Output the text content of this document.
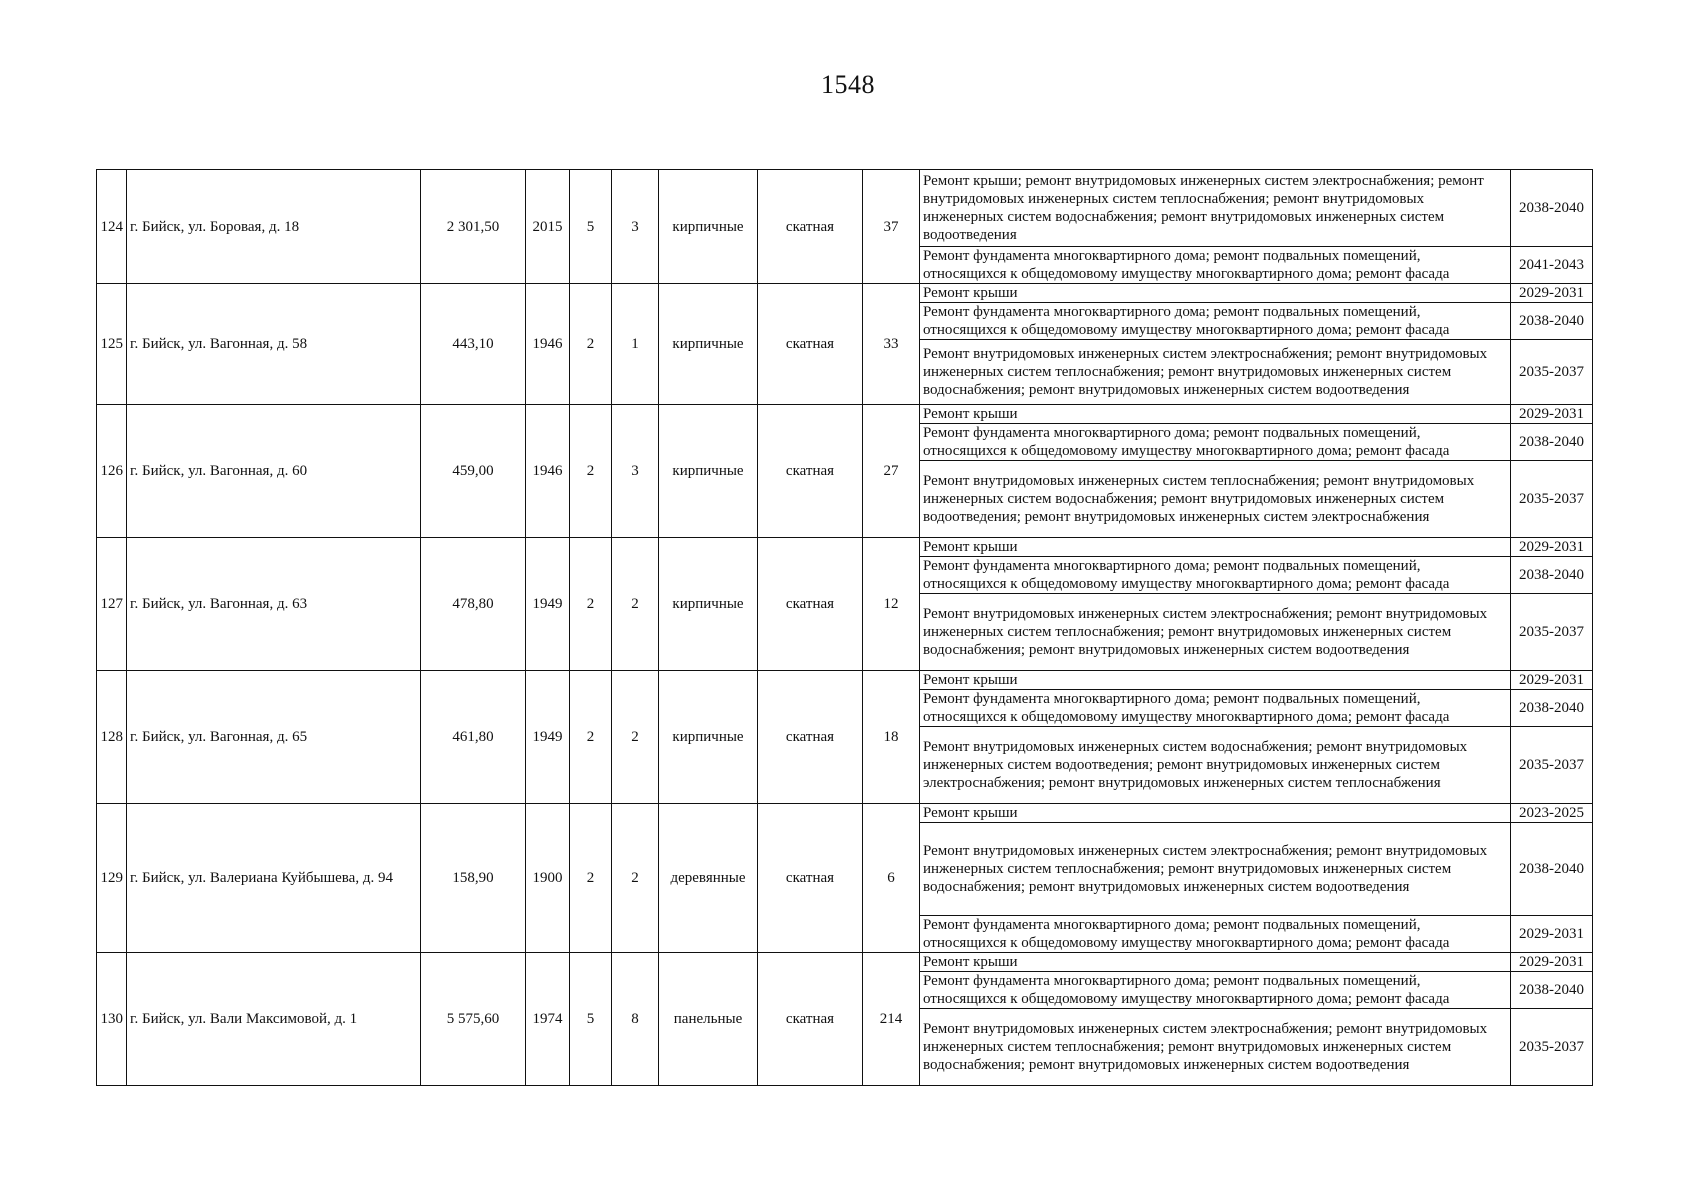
1548
124	г. Бийск, ул. Боровая, д. 18	2 301,50	2015	5	3	кирпичные	скатная	37	Ремонт крыши; ремонт внутридомовых инженерных систем электроснабжения; ремонт внутридомовых инженерных систем теплоснабжения; ремонт внутридомовых инженерных систем водоснабжения; ремонт внутридомовых инженерных систем водоотведения	2038-2040
									Ремонт фундамента многоквартирного дома; ремонт подвальных помещений, относящихся к общедомовому имуществу многоквартирного дома; ремонт фасада	2041-2043
125	г. Бийск, ул. Вагонная, д. 58	443,10	1946	2	1	кирпичные	скатная	33	Ремонт крыши	2029-2031
									Ремонт фундамента многоквартирного дома; ремонт подвальных помещений, относящихся к общедомовому имуществу многоквартирного дома; ремонт фасада	2038-2040
									Ремонт внутридомовых инженерных систем электроснабжения; ремонт внутридомовых инженерных систем теплоснабжения; ремонт внутридомовых инженерных систем водоснабжения; ремонт внутридомовых инженерных систем водоотведения	2035-2037
126	г. Бийск, ул. Вагонная, д. 60	459,00	1946	2	3	кирпичные	скатная	27	Ремонт крыши	2029-2031
									Ремонт фундамента многоквартирного дома; ремонт подвальных помещений, относящихся к общедомовому имуществу многоквартирного дома; ремонт фасада	2038-2040
									Ремонт внутридомовых инженерных систем теплоснабжения; ремонт внутридомовых инженерных систем водоснабжения; ремонт внутридомовых инженерных систем водоотведения; ремонт внутридомовых инженерных систем электроснабжения	2035-2037
127	г. Бийск, ул. Вагонная, д. 63	478,80	1949	2	2	кирпичные	скатная	12	Ремонт крыши	2029-2031
									Ремонт фундамента многоквартирного дома; ремонт подвальных помещений, относящихся к общедомовому имуществу многоквартирного дома; ремонт фасада	2038-2040
									Ремонт внутридомовых инженерных систем электроснабжения; ремонт внутридомовых инженерных систем теплоснабжения; ремонт внутридомовых инженерных систем водоснабжения; ремонт внутридомовых инженерных систем водоотведения	2035-2037
128	г. Бийск, ул. Вагонная, д. 65	461,80	1949	2	2	кирпичные	скатная	18	Ремонт крыши	2029-2031
									Ремонт фундамента многоквартирного дома; ремонт подвальных помещений, относящихся к общедомовому имуществу многоквартирного дома; ремонт фасада	2038-2040
									Ремонт внутридомовых инженерных систем водоснабжения; ремонт внутридомовых инженерных систем водоотведения; ремонт внутридомовых инженерных систем электроснабжения; ремонт внутридомовых инженерных систем теплоснабжения	2035-2037
129	г. Бийск, ул. Валериана Куйбышева, д. 94	158,90	1900	2	2	деревянные	скатная	6	Ремонт крыши	2023-2025
									Ремонт внутридомовых инженерных систем электроснабжения; ремонт внутридомовых инженерных систем теплоснабжения; ремонт внутридомовых инженерных систем водоснабжения; ремонт внутридомовых инженерных систем водоотведения	2038-2040
									Ремонт фундамента многоквартирного дома; ремонт подвальных помещений, относящихся к общедомовому имуществу многоквартирного дома; ремонт фасада	2029-2031
130	г. Бийск, ул. Вали Максимовой, д. 1	5 575,60	1974	5	8	панельные	скатная	214	Ремонт крыши	2029-2031
									Ремонт фундамента многоквартирного дома; ремонт подвальных помещений, относящихся к общедомовому имуществу многоквартирного дома; ремонт фасада	2038-2040
									Ремонт внутридомовых инженерных систем электроснабжения; ремонт внутридомовых инженерных систем теплоснабжения; ремонт внутридомовых инженерных систем водоснабжения; ремонт внутридомовых инженерных систем водоотведения	2035-2037
